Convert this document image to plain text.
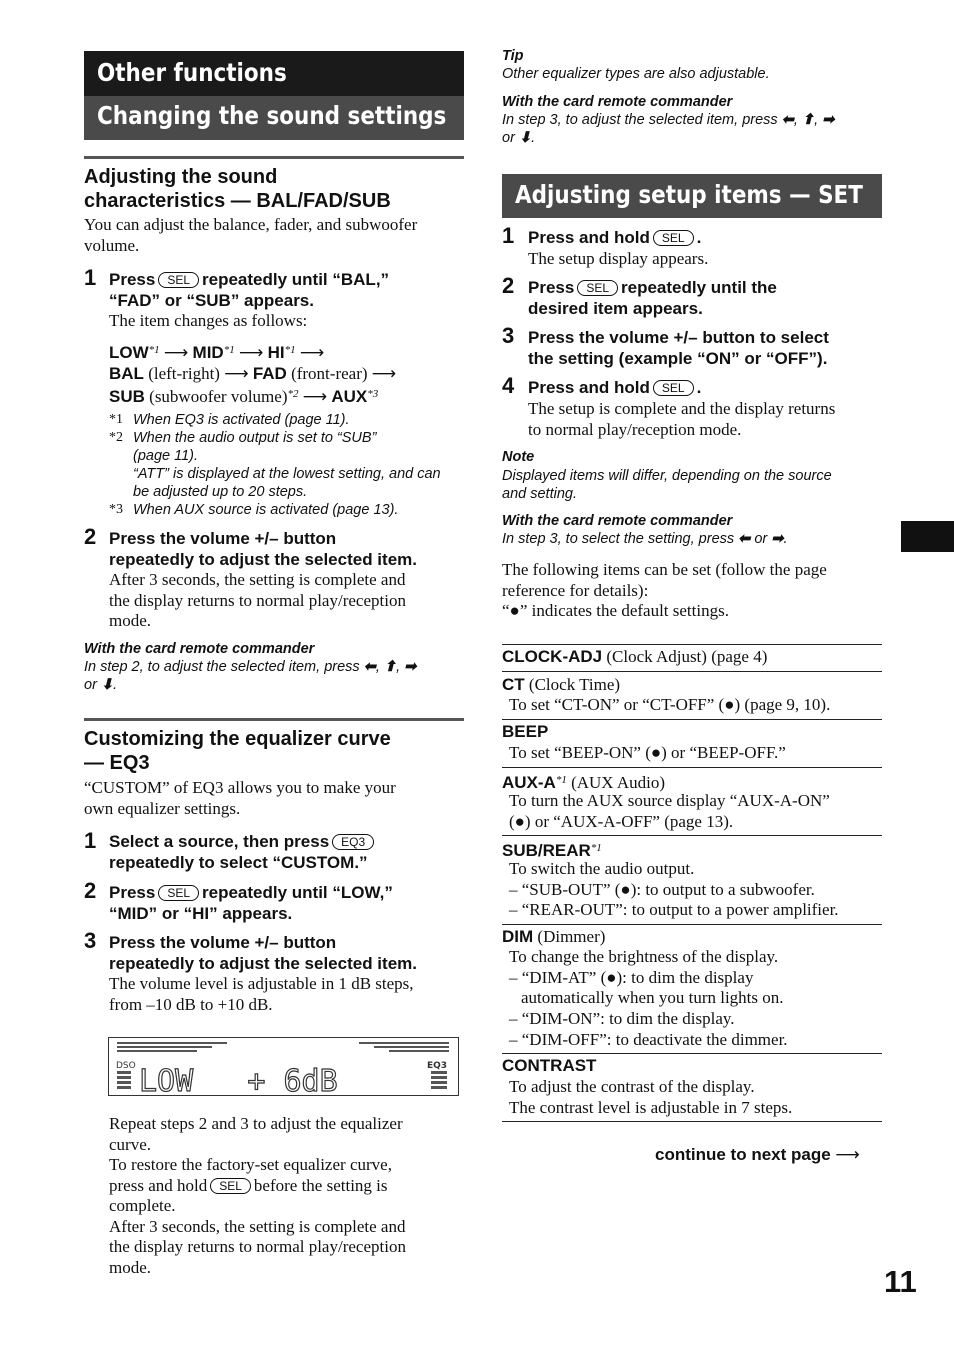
Other functions
Changing the sound settings
Adjusting the sound
characteristics — BAL/FAD/SUB
You can adjust the balance, fader, and subwoofer
volume.
1 Press SEL repeatedly until “BAL,”
“FAD” or “SUB” appears.
The item changes as follows:
LOW$^{*1}$ ⟶ MID$^{*1}$ ⟶ HI$^{*1}$ ⟶
BAL (left-right) ⟶ FAD (front-rear) ⟶
SUB (subwoofer volume)$^{*2}$ ⟶ AUX$^{*3}$
*1 When EQ3 is activated (page 11).
*2 When the audio output is set to “SUB”
(page 11).
“ATT” is displayed at the lowest setting, and can
be adjusted up to 20 steps.
*3 When AUX source is activated (page 13).
2 Press the volume +/– button
repeatedly to adjust the selected item.
After 3 seconds, the setting is complete and
the display returns to normal play/reception
mode.
With the card remote commander
In step 2, to adjust the selected item, press ⬅, ⬆, ➡
or ⬇.
Customizing the equalizer curve
— EQ3
“CUSTOM” of EQ3 allows you to make your
own equalizer settings.
1 Select a source, then press EQ3
repeatedly to select “CUSTOM.”
2 Press SEL repeatedly until “LOW,”
“MID” or “HI” appears.
3 Press the volume +/– button
repeatedly to adjust the selected item.
The volume level is adjustable in 1 dB steps,
from –10 dB to +10 dB.
Repeat steps 2 and 3 to adjust the equalizer
curve.
To restore the factory-set equalizer curve,
press and hold SEL before the setting is
complete.
After 3 seconds, the setting is complete and
the display returns to normal play/reception
mode.
DSO	EQ3
LOW   + 6dB
Tip
Other equalizer types are also adjustable.
With the card remote commander
In step 3, to adjust the selected item, press ⬅, ⬆, ➡
or ⬇.
Adjusting setup items — SET
1 Press and hold SEL .
The setup display appears.
2 Press SEL repeatedly until the
desired item appears.
3 Press the volume +/– button to select
the setting (example “ON” or “OFF”).
4 Press and hold SEL .
The setup is complete and the display returns
to normal play/reception mode.
Note
Displayed items will differ, depending on the source
and setting.
With the card remote commander
In step 3, to select the setting, press ⬅ or ➡.
The following items can be set (follow the page
reference for details):
“●” indicates the default settings.
CLOCK-ADJ (Clock Adjust) (page 4)
CT (Clock Time)
To set “CT-ON” or “CT-OFF” (●) (page 9, 10).
BEEP
To set “BEEP-ON” (●) or “BEEP-OFF.”
AUX-$A^{*1}$ (AUX Audio)
To turn the AUX source display “AUX-A-ON”
(●) or “AUX-A-OFF” (page 13).
SUB/REAR$^{*1}$
To switch the audio output.
– “SUB-OUT” (●): to output to a subwoofer.
– “REAR-OUT”: to output to a power amplifier.
DIM (Dimmer)
To change the brightness of the display.
– “DIM-AT” (●): to dim the display
automatically when you turn lights on.
– “DIM-ON”: to dim the display.
– “DIM-OFF”: to deactivate the dimmer.
CONTRAST
To adjust the contrast of the display.
The contrast level is adjustable in 7 steps.
continue to next page ⟶
11
